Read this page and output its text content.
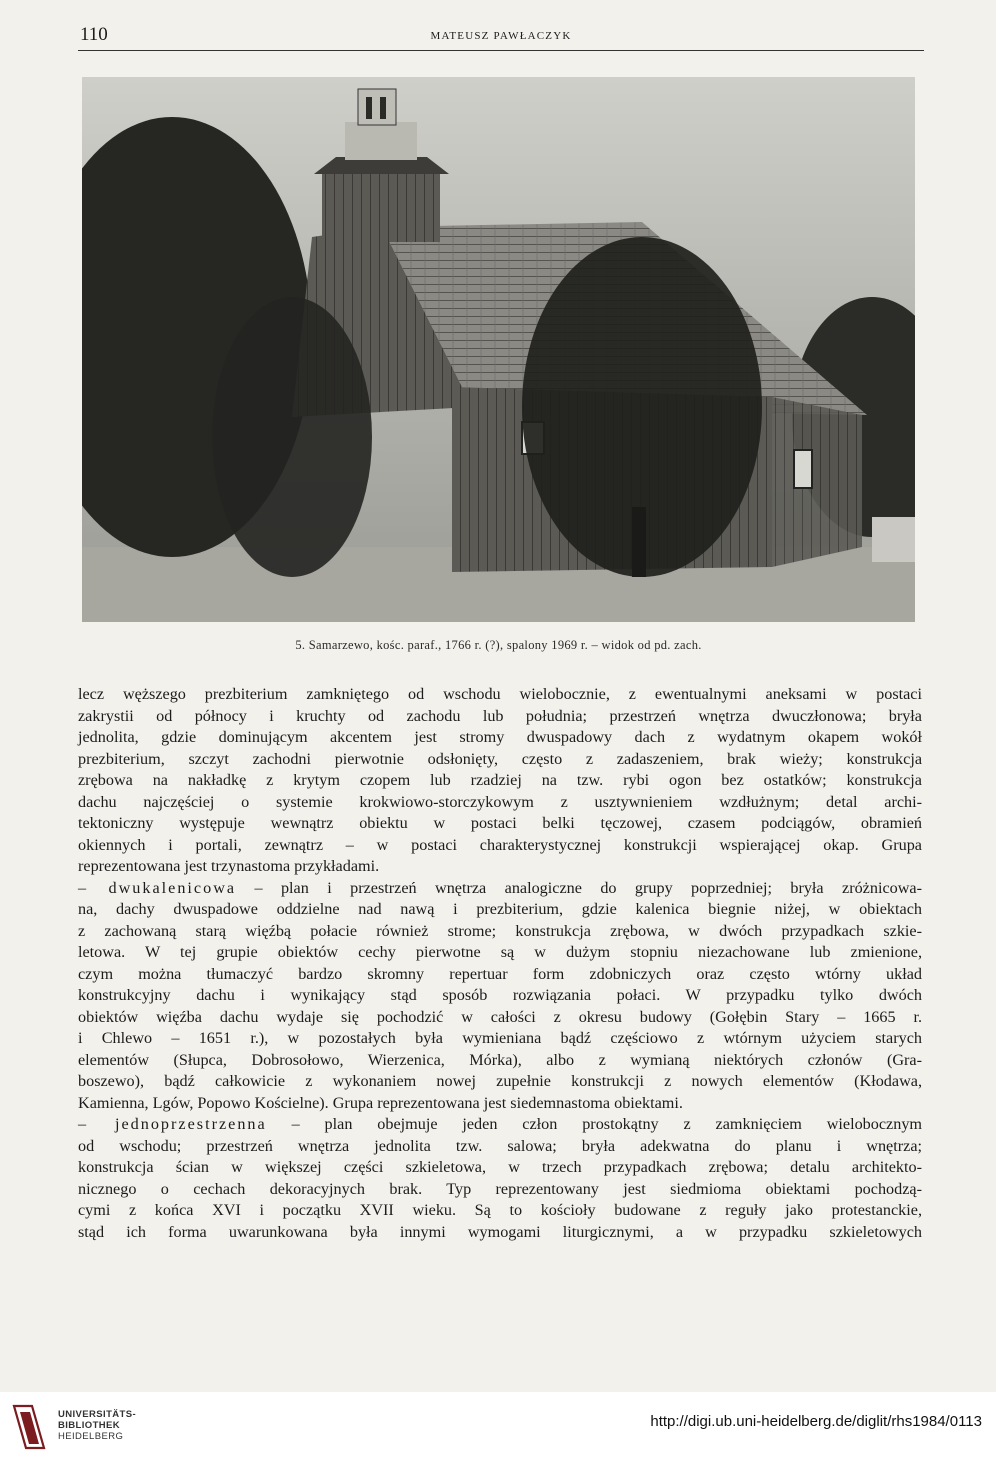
110	MATEUSZ PAWŁACZYK
5. Samarzewo, kośc. paraf., 1766 r. (?), spalony 1969 r. – widok od pd. zach.
lecz węższego prezbiterium zamkniętego od wschodu wielobocznie, z ewentualnymi aneksami w postaci
zakrystii od północy i kruchty od zachodu lub południa; przestrzeń wnętrza dwuczłonowa; bryła
jednolita, gdzie dominującym akcentem jest stromy dwuspadowy dach z wydatnym okapem wokół
prezbiterium, szczyt zachodni pierwotnie odsłonięty, często z zadaszeniem, brak wieży; konstrukcja
zrębowa na nakładkę z krytym czopem lub rzadziej na tzw. rybi ogon bez ostatków; konstrukcja
dachu najczęściej o systemie krokwiowo-storczykowym z usztywnieniem wzdłużnym; detal archi-
tektoniczny występuje wewnątrz obiektu w postaci belki tęczowej, czasem podciągów, obramień
okiennych i portali, zewnątrz – w postaci charakterystycznej konstrukcji wspierającej okap. Grupa
reprezentowana jest trzynastoma przykładami.
– dwukalenicowa – plan i przestrzeń wnętrza analogiczne do grupy poprzedniej; bryła zróżnicowa-
na, dachy dwuspadowe oddzielne nad nawą i prezbiterium, gdzie kalenica biegnie niżej, w obiektach
z zachowaną starą więźbą połacie również strome; konstrukcja zrębowa, w dwóch przypadkach szkie-
letowa. W tej grupie obiektów cechy pierwotne są w dużym stopniu niezachowane lub zmienione,
czym można tłumaczyć bardzo skromny repertuar form zdobniczych oraz często wtórny układ
konstrukcyjny dachu i wynikający stąd sposób rozwiązania połaci. W przypadku tylko dwóch
obiektów więźba dachu wydaje się pochodzić w całości z okresu budowy (Gołębin Stary – 1665 r.
i Chlewo – 1651 r.), w pozostałych była wymieniana bądź częściowo z wtórnym użyciem starych
elementów (Słupca, Dobrosołowo, Wierzenica, Mórka), albo z wymianą niektórych członów (Gra-
boszewo), bądź całkowicie z wykonaniem nowej zupełnie konstrukcji z nowych elementów (Kłodawa,
Kamienna, Lgów, Popowo Kościelne). Grupa reprezentowana jest siedemnastoma obiektami.
– jednoprzestrzenna – plan obejmuje jeden człon prostokątny z zamknięciem wielobocznym
od wschodu; przestrzeń wnętrza jednolita tzw. salowa; bryła adekwatna do planu i wnętrza;
konstrukcja ścian w większej części szkieletowa, w trzech przypadkach zrębowa; detalu architekto-
nicznego o cechach dekoracyjnych brak. Typ reprezentowany jest siedmioma obiektami pochodzą-
cymi z końca XVI i początku XVII wieku. Są to kościoły budowane z reguły jako protestanckie,
stąd ich forma uwarunkowana była innymi wymogami liturgicznymi, a w przypadku szkieletowych
UNIVERSITÄTS-
BIBLIOTHEK
HEIDELBERG
http://digi.ub.uni-heidelberg.de/diglit/rhs1984/0113
